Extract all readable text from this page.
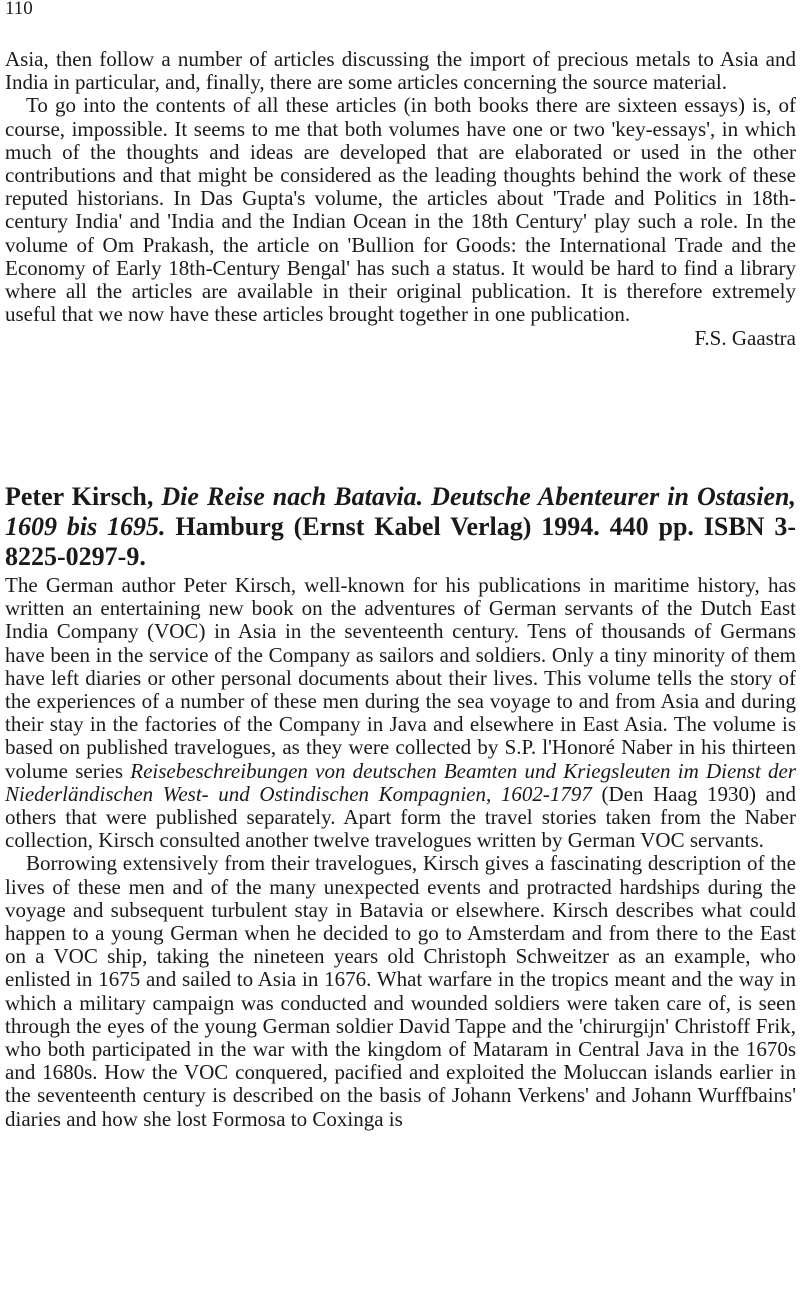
110

Asia, then follow a number of articles discussing the import of precious metals to Asia and India in particular, and, finally, there are some articles concerning the source material.

To go into the contents of all these articles (in both books there are sixteen essays) is, of course, impossible. It seems to me that both volumes have one or two 'key-essays', in which much of the thoughts and ideas are developed that are elaborated or used in the other contributions and that might be considered as the leading thoughts behind the work of these reputed historians. In Das Gupta's volume, the articles about 'Trade and Politics in 18th-century India' and 'India and the Indian Ocean in the 18th Century' play such a role. In the volume of Om Prakash, the article on 'Bullion for Goods: the International Trade and the Economy of Early 18th-Century Bengal' has such a status. It would be hard to find a library where all the articles are available in their original publication. It is therefore extremely useful that we now have these articles brought together in one publication.

F.S. Gaastra

Peter Kirsch, Die Reise nach Batavia. Deutsche Abenteurer in Ostasien, 1609 bis 1695. Hamburg (Ernst Kabel Verlag) 1994. 440 pp. ISBN 3-8225-0297-9.

The German author Peter Kirsch, well-known for his publications in maritime history, has written an entertaining new book on the adventures of German servants of the Dutch East India Company (VOC) in Asia in the seventeenth century. Tens of thousands of Germans have been in the service of the Company as sailors and soldiers. Only a tiny minority of them have left diaries or other personal documents about their lives. This volume tells the story of the experiences of a number of these men during the sea voyage to and from Asia and during their stay in the factories of the Company in Java and elsewhere in East Asia. The volume is based on published travelogues, as they were collected by S.P. l'Honoré Naber in his thirteen volume series Reisebeschreibungen von deutschen Beamten und Kriegsleuten im Dienst der Niederländischen West- und Ostindischen Kompagnien, 1602-1797 (Den Haag 1930) and others that were published separately. Apart form the travel stories taken from the Naber collection, Kirsch consulted another twelve travelogues written by German VOC servants.

Borrowing extensively from their travelogues, Kirsch gives a fascinating description of the lives of these men and of the many unexpected events and protracted hardships during the voyage and subsequent turbulent stay in Batavia or elsewhere. Kirsch describes what could happen to a young German when he decided to go to Amsterdam and from there to the East on a VOC ship, taking the nineteen years old Christoph Schweitzer as an example, who enlisted in 1675 and sailed to Asia in 1676. What warfare in the tropics meant and the way in which a military campaign was conducted and wounded soldiers were taken care of, is seen through the eyes of the young German soldier David Tappe and the 'chirurgijn' Christoff Frik, who both participated in the war with the kingdom of Mataram in Central Java in the 1670s and 1680s. How the VOC conquered, pacified and exploited the Moluccan islands earlier in the seventeenth century is described on the basis of Johann Verkens' and Johann Wurffbains' diaries and how she lost Formosa to Coxinga is
